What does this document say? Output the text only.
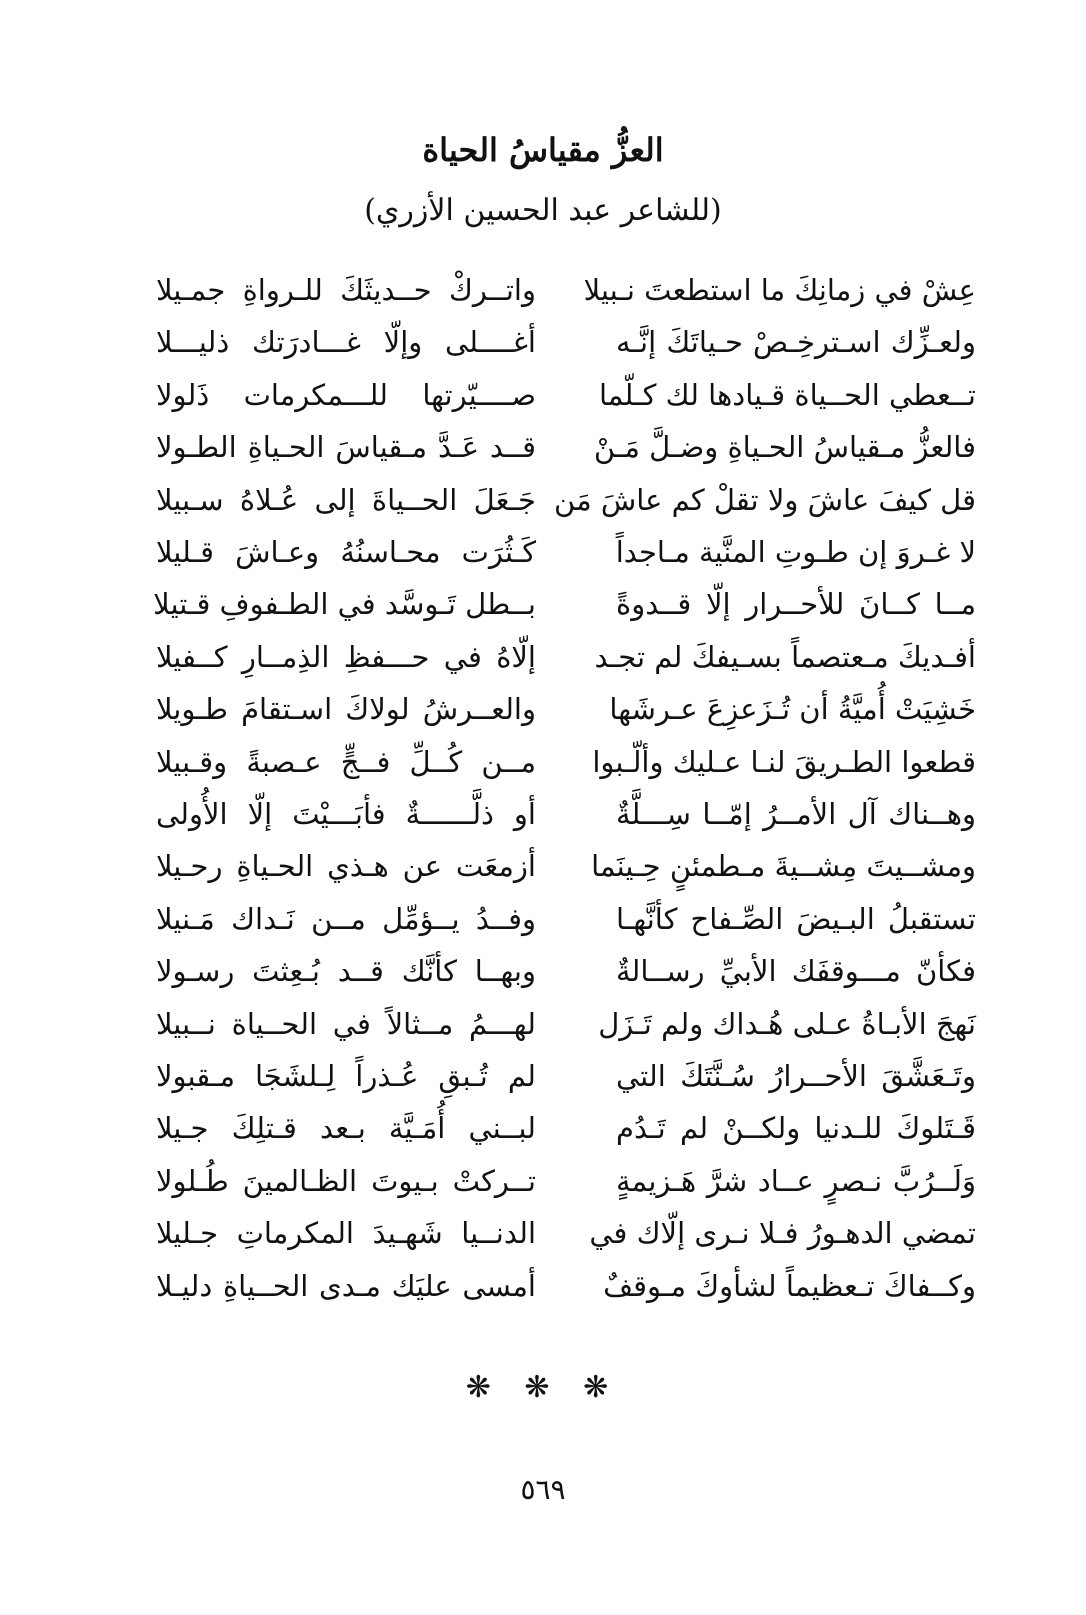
العزُّ مقياسُ الحياة
(للشاعر عبد الحسين الأزري)
عِشْ في زمانِكَ ما استطعتَ نـبيلا
واتــركْ حــديثَكَ للـرواةِ جمـيلا
ولعـزِّك اسـترخِـصْ حـياتَكَ إنَّـه
أغــــلى وإلّا غـــادرَتك ذليـــلا
تــعطي الحــياة قـيادها لك كـلّما
صــــيّرتها للـــمكرمات ذَلولا
فالعزُّ مـقياسُ الحـياةِ وضـلَّ مَـنْ
قــد عَـدَّ مـقياسَ الحـياةِ الطـولا
قل كيفَ عاشَ ولا تقلْ كم عاشَ مَن
جَـعَلَ الحــياةَ إلى عُـلاهُ سـبيلا
لا غـروَ إن طـوتِ المنَّية مـاجداً
كَـثُرَت محـاسنُهُ وعـاشَ قـليلا
مــا كــانَ للأحــرار إلّا قــدوةً
بــطل تَـوسَّد في الطـفوفِ قـتيلا
أفـديكَ مـعتصماً بسـيفكَ لم تجـد
إلّاهُ في حـــفظِ الذِمــارِ كــفيلا
خَشِيَتْ أُميَّةُ أن تُـزَعزِعَ عـرشَها
والعــرشُ لولاكَ اسـتقامَ طـويلا
قطعوا الطـريقَ لنـا عـليك وألّـبوا
مــن كُــلِّ فــجٍّ عـصبةً وقـبيلا
وهــناك آل الأمــرُ إمّــا سِـــلَّةٌ
أو ذلَّــــــةٌ فأبَـــيْتَ إلّا الأُولى
ومشــيتَ مِشــيةَ مـطمئنٍ حِـينَما
أزمعَت عن هـذي الحـياةِ رحـيلا
تستقبلُ البـيضَ الصِّـفاح كأنَّهـا
وفــدُ يــؤمِّل مــن نَـداك مَـنيلا
فكأنّ مـــوقفَك الأبيِّ رســالةٌ
وبهــا كأنَّك قــد بُـعِثتَ رسـولا
نَهجَ الأبـاةُ عـلى هُـداك ولم تَـزَل
لهـــمُ مــثالاً في الحــياة نــبيلا
وتَـعَشَّقَ الأحــرارُ سُـنَّتَكَ التي
لم تُـبقِ عُـذراً لِـلشَجَا مـقبولا
قَـتَلوكَ للـدنيا ولكــنْ لم تَـدُم
لبــني أُمَـيَّة بـعد قـتلِكَ جـيلا
وَلَــرُبَّ نـصرٍ عــاد شرَّ هَـزيمةٍ
تــركتْ بـيوتَ الظـالمينَ طُـلولا
تمضي الدهـورُ فـلا نـرى إلّاك في
الدنــيا شَهـيدَ المكرماتِ جـليلا
وكــفاكَ تـعظيماً لشأوكَ مـوقفٌ
أمسى عليَك مـدى الحــياةِ دليـلا
❋ ❋ ❋
٥٦٩
